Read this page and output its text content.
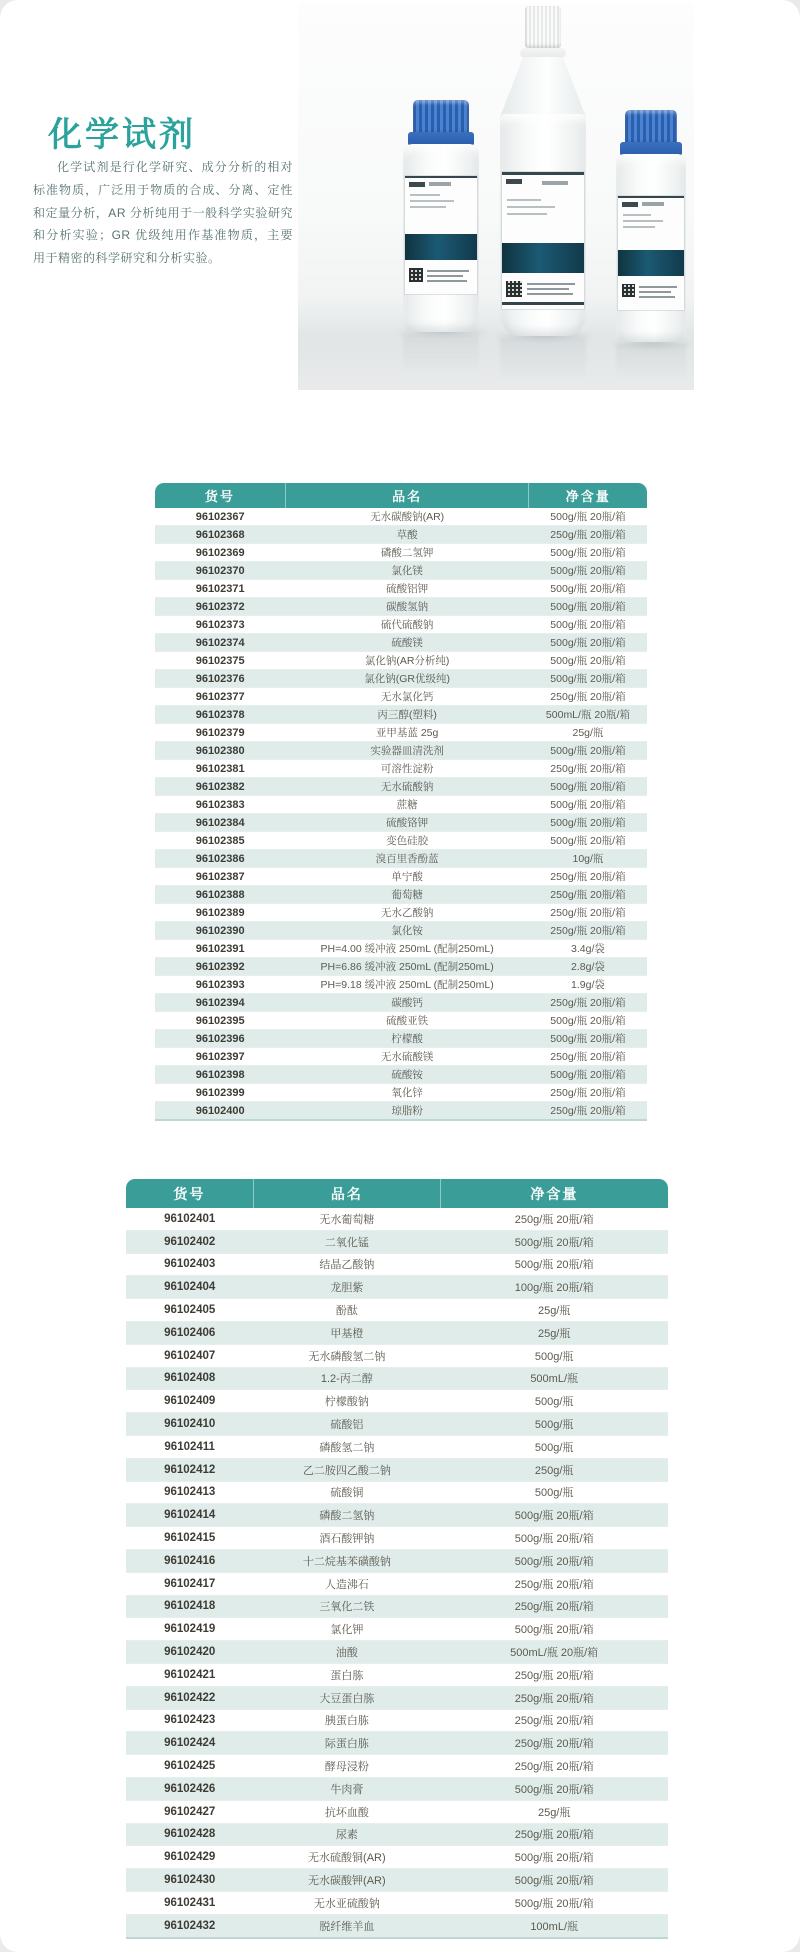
化学试剂

化学试剂是行化学研究、成分分析的相对标准物质，广泛用于物质的合成、分离、定性和定量分析，AR 分析纯用于一般科学实验研究和分析实验；GR 优级纯用作基准物质，主要用于精密的科学研究和分析实验。

货号	品名	净含量
96102367	无水碳酸钠(AR)	500g/瓶 20瓶/箱
96102368	草酸	250g/瓶 20瓶/箱
96102369	磷酸二氢钾	500g/瓶 20瓶/箱
96102370	氯化镁	500g/瓶 20瓶/箱
96102371	硫酸铝钾	500g/瓶 20瓶/箱
96102372	碳酸氢钠	500g/瓶 20瓶/箱
96102373	硫代硫酸钠	500g/瓶 20瓶/箱
96102374	硫酸镁	500g/瓶 20瓶/箱
96102375	氯化钠(AR分析纯)	500g/瓶 20瓶/箱
96102376	氯化钠(GR优级纯)	500g/瓶 20瓶/箱
96102377	无水氯化钙	250g/瓶 20瓶/箱
96102378	丙三醇(塑料)	500mL/瓶 20瓶/箱
96102379	亚甲基蓝 25g	25g/瓶
96102380	实验器皿清洗剂	500g/瓶 20瓶/箱
96102381	可溶性淀粉	250g/瓶 20瓶/箱
96102382	无水硫酸钠	500g/瓶 20瓶/箱
96102383	蔗糖	500g/瓶 20瓶/箱
96102384	硫酸铬钾	500g/瓶 20瓶/箱
96102385	变色硅胶	500g/瓶 20瓶/箱
96102386	溴百里香酚蓝	10g/瓶
96102387	单宁酸	250g/瓶 20瓶/箱
96102388	葡萄糖	250g/瓶 20瓶/箱
96102389	无水乙酸钠	250g/瓶 20瓶/箱
96102390	氯化铵	250g/瓶 20瓶/箱
96102391	PH=4.00 缓冲液 250mL (配制250mL)	3.4g/袋
96102392	PH=6.86 缓冲液 250mL (配制250mL)	2.8g/袋
96102393	PH=9.18 缓冲液 250mL (配制250mL)	1.9g/袋
96102394	碳酸钙	250g/瓶 20瓶/箱
96102395	硫酸亚铁	500g/瓶 20瓶/箱
96102396	柠檬酸	500g/瓶 20瓶/箱
96102397	无水硫酸镁	250g/瓶 20瓶/箱
96102398	硫酸铵	500g/瓶 20瓶/箱
96102399	氧化锌	250g/瓶 20瓶/箱
96102400	琼脂粉	250g/瓶 20瓶/箱
货号	品名	净含量
96102401	无水葡萄糖	250g/瓶 20瓶/箱
96102402	二氧化锰	500g/瓶 20瓶/箱
96102403	结晶乙酸钠	500g/瓶 20瓶/箱
96102404	龙胆紫	100g/瓶 20瓶/箱
96102405	酚酞	25g/瓶
96102406	甲基橙	25g/瓶
96102407	无水磷酸氢二钠	500g/瓶
96102408	1.2-丙二醇	500mL/瓶
96102409	柠檬酸钠	500g/瓶
96102410	硫酸铝	500g/瓶
96102411	磷酸氢二钠	500g/瓶
96102412	乙二胺四乙酸二钠	250g/瓶
96102413	硫酸铜	500g/瓶
96102414	磷酸二氢钠	500g/瓶 20瓶/箱
96102415	酒石酸钾钠	500g/瓶 20瓶/箱
96102416	十二烷基苯磺酸钠	500g/瓶 20瓶/箱
96102417	人造沸石	250g/瓶 20瓶/箱
96102418	三氧化二铁	250g/瓶 20瓶/箱
96102419	氯化钾	500g/瓶 20瓶/箱
96102420	油酸	500mL/瓶 20瓶/箱
96102421	蛋白胨	250g/瓶 20瓶/箱
96102422	大豆蛋白胨	250g/瓶 20瓶/箱
96102423	胰蛋白胨	250g/瓶 20瓶/箱
96102424	际蛋白胨	250g/瓶 20瓶/箱
96102425	酵母浸粉	250g/瓶 20瓶/箱
96102426	牛肉膏	500g/瓶 20瓶/箱
96102427	抗坏血酸	25g/瓶
96102428	尿素	250g/瓶 20瓶/箱
96102429	无水硫酸铜(AR)	500g/瓶 20瓶/箱
96102430	无水碳酸钾(AR)	500g/瓶 20瓶/箱
96102431	无水亚硫酸钠	500g/瓶 20瓶/箱
96102432	脱纤维羊血	100mL/瓶
